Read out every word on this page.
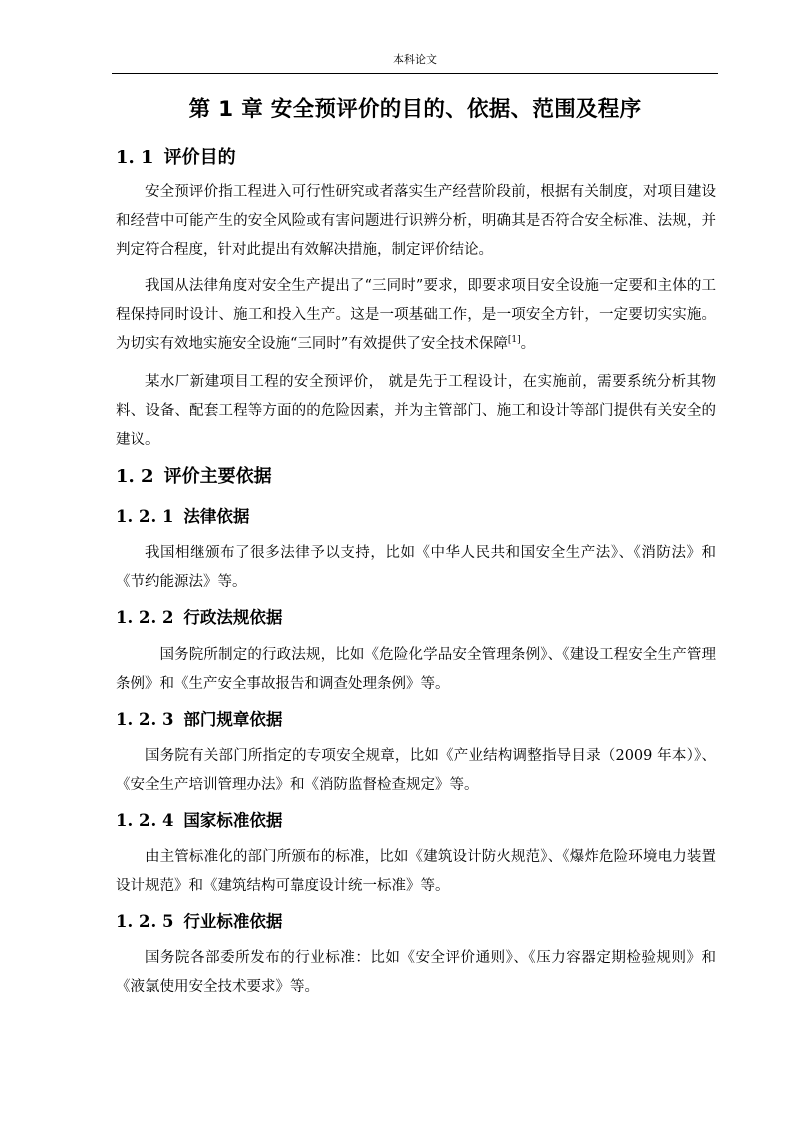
本科论文
第 1 章 安全预评价的目的、依据、范围及程序
1. 1 评价目的

安全预评价指工程进入可行性研究或者落实生产经营阶段前，根据有关制度，对项目建设和经营中可能产生的安全风险或有害问题进行识辨分析，明确其是否符合安全标准、法规，并判定符合程度，针对此提出有效解决措施，制定评价结论。

我国从法律角度对安全生产提出了“三同时”要求，即要求项目安全设施一定要和主体的工程保持同时设计、施工和投入生产。这是一项基础工作，是一项安全方针，一定要切实实施。为切实有效地实施安全设施“三同时”有效提供了安全技术保障[1]。

某水厂新建项目工程的安全预评价， 就是先于工程设计，在实施前，需要系统分析其物料、设备、配套工程等方面的的危险因素，并为主管部门、施工和设计等部门提供有关安全的建议。

1. 2 评价主要依据
1. 2. 1 法律依据

我国相继颁布了很多法律予以支持，比如《中华人民共和国安全生产法》、《消防法》和《节约能源法》等。

1. 2. 2 行政法规依据

国务院所制定的行政法规，比如《危险化学品安全管理条例》、《建设工程安全生产管理条例》和《生产安全事故报告和调查处理条例》等。

1. 2. 3 部门规章依据

国务院有关部门所指定的专项安全规章，比如《产业结构调整指导目录（2009 年本）》、《安全生产培训管理办法》和《消防监督检查规定》等。

1. 2. 4 国家标准依据

由主管标准化的部门所颁布的标准，比如《建筑设计防火规范》、《爆炸危险环境电力装置设计规范》和《建筑结构可靠度设计统一标准》等。

1. 2. 5 行业标准依据

国务院各部委所发布的行业标准：比如《安全评价通则》、《压力容器定期检验规则》和《液氯使用安全技术要求》等。
